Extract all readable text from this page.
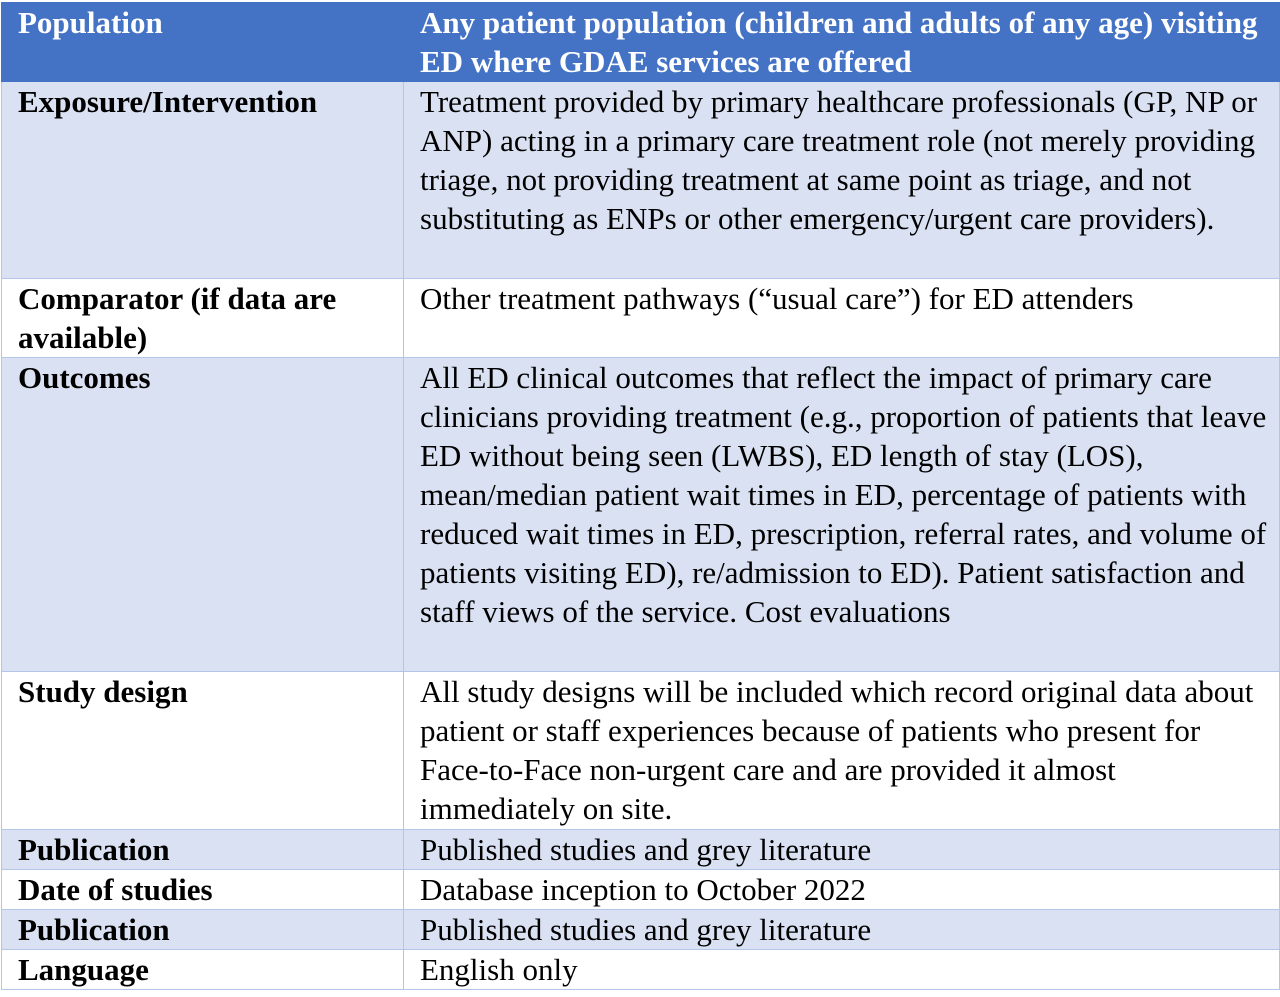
Population	Any patient population (children and adults of any age) visiting ED where GDAE services are offered
Exposure/Intervention	Treatment provided by primary healthcare professionals (GP, NP or ANP) acting in a primary care treatment role (not merely providing triage, not providing treatment at same point as triage, and not substituting as ENPs or other emergency/urgent care providers).
Comparator (if data are available)	Other treatment pathways (“usual care”) for ED attenders
Outcomes	All ED clinical outcomes that reflect the impact of primary care clinicians providing treatment (e.g., proportion of patients that leave ED without being seen (LWBS), ED length of stay (LOS), mean/median patient wait times in ED, percentage of patients with reduced wait times in ED, prescription, referral rates, and volume of patients visiting ED), re/admission to ED). Patient satisfaction and staff views of the service. Cost evaluations
Study design	All study designs will be included which record original data about patient or staff experiences because of patients who present for Face-to-Face non-urgent care and are provided it almost immediately on site.
Publication	Published studies and grey literature
Date of studies	Database inception to October 2022
Publication	Published studies and grey literature
Language	English only
